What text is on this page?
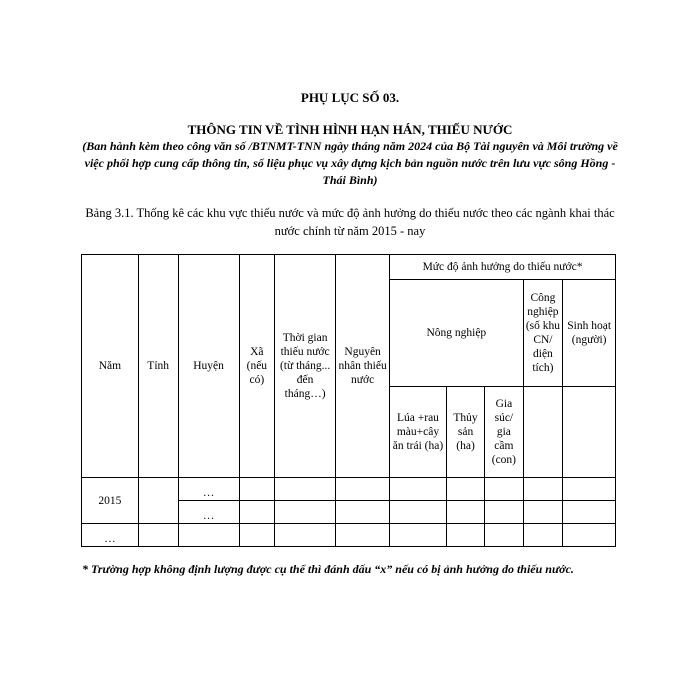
PHỤ LỤC SỐ 03.
THÔNG TIN VỀ TÌNH HÌNH HẠN HÁN, THIẾU NƯỚC
(Ban hành kèm theo công văn số /BTNMT-TNN ngày tháng năm 2024 của Bộ Tài nguyên và Môi trường về việc phối hợp cung cấp thông tin, số liệu phục vụ xây dựng kịch bản nguồn nước trên lưu vực sông Hồng - Thái Bình)
Bảng 3.1. Thống kê các khu vực thiếu nước và mức độ ảnh hưởng do thiếu nước theo các ngành khai thác nước chính từ năm 2015 - nay
Năm	Tỉnh	Huyện	Xã (nếu có)	Thời gian thiếu nước (từ tháng... đến tháng…)	Nguyên nhân thiếu nước	Mức độ ảnh hưởng do thiếu nước*				
						Nông nghiệp			Công nghiệp (số khu CN/ diện tích)	Sinh hoạt (người)
						Lúa +rau màu+cây ăn trái (ha)	Thủy sản (ha)	Gia súc/ gia cầm (con)		
2015		…								
		…								
…										
* Trường hợp không định lượng được cụ thể thì đánh dấu “x” nếu có bị ảnh hưởng do thiếu nước.
